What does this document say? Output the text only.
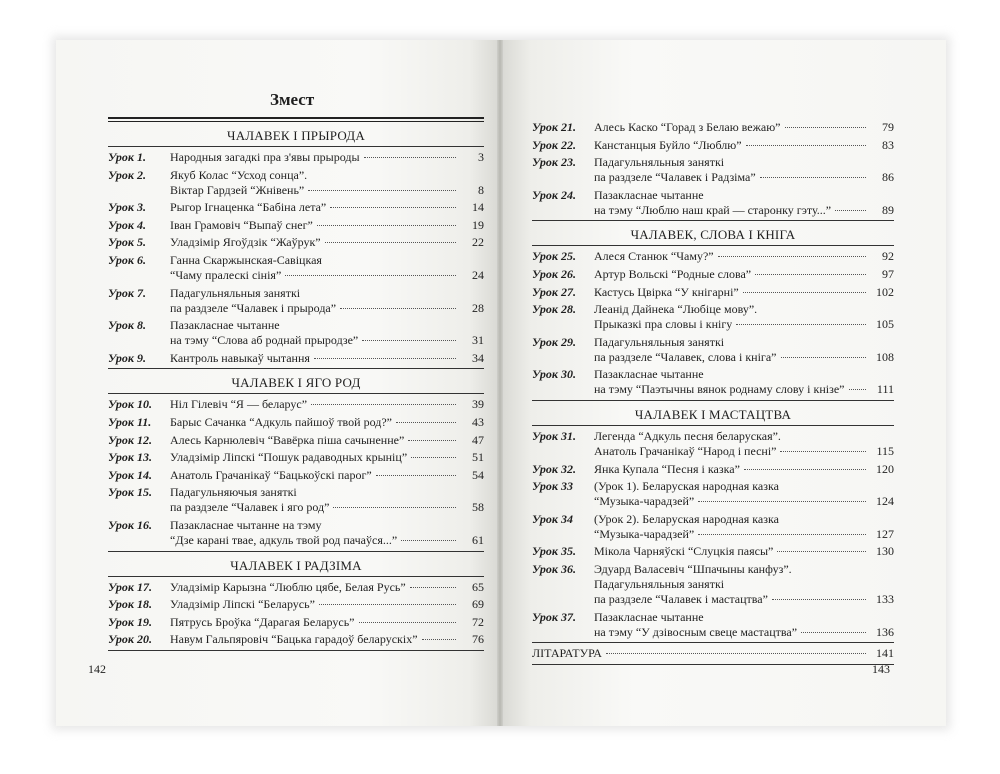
Змест
ЧАЛАВЕК І ПРЫРОДА
Урок 1.	Народныя загадкі пра з'явы прыроды	3
Урок 2.	Якуб Колас “Усход сонца”.
Віктар Гардзей “Жнівень”	8
Урок 3.	Рыгор Ігнаценка “Бабіна лета”	14
Урок 4.	Іван Грамовіч “Выпаў снег”	19
Урок 5.	Уладзімір Ягоўдзік “Жаўрук”	22
Урок 6.	Ганна Скаржынская-Савіцкая
“Чаму пралескі сінія”	24
Урок 7.	Падагульняльныя заняткі
па раздзеле “Чалавек і прырода”	28
Урок 8.	Пазакласнае чытанне
на тэму “Слова аб роднай прыродзе”	31
Урок 9.	Кантроль навыкаў чытання	34
ЧАЛАВЕК І ЯГО РОД
Урок 10.	Ніл Гілевіч “Я — беларус”	39
Урок 11.	Барыс Сачанка “Адкуль пайшоў твой род?”	43
Урок 12.	Алесь Карнюлевіч “Вавёрка піша сачыненне”	47
Урок 13.	Уладзімір Ліпскі “Пошук радаводных крыніц”	51
Урок 14.	Анатоль Грачанікаў “Бацькоўскі парог”	54
Урок 15.	Падагульняючыя заняткі
па раздзеле “Чалавек і яго род”	58
Урок 16.	Пазакласнае чытанне на тэму
“Дзе карані твае, адкуль твой род пачаўся...”	61
ЧАЛАВЕК І РАДЗІМА
Урок 17.	Уладзімір Карызна “Люблю цябе, Белая Русь”	65
Урок 18.	Уладзімір Ліпскі “Беларусь”	69
Урок 19.	Пятрусь Броўка “Дарагая Беларусь”	72
Урок 20.	Навум Гальпяровіч “Бацька гарадоў беларускіх”	76
Урок 21.	Алесь Каско “Горад з Белаю вежаю”	79
Урок 22.	Канстанцыя Буйло “Люблю”	83
Урок 23.	Падагульняльныя заняткі
па раздзеле “Чалавек і Радзіма”	86
Урок 24.	Пазакласнае чытанне
на тэму “Люблю наш край — старонку гэту...”	89
ЧАЛАВЕК, СЛОВА І КНІГА
Урок 25.	Алеся Станюк “Чаму?”	92
Урок 26.	Артур Вольскі “Родные слова”	97
Урок 27.	Кастусь Цвірка “У кнігарні”	102
Урок 28.	Леанід Дайнека “Любіце мову”.
Прыказкі пра словы і кнігу	105
Урок 29.	Падагульняльныя заняткі
па раздзеле “Чалавек, слова і кніга”	108
Урок 30.	Пазакласнае чытанне
на тэму “Паэтычны вянок роднаму слову і кнізе”	111
ЧАЛАВЕК І МАСТАЦТВА
Урок 31.	Легенда “Адкуль песня беларуская”.
Анатоль Грачанікаў “Народ і песні”	115
Урок 32.	Янка Купала “Песня і казка”	120
Урок 33	(Урок 1). Беларуская народная казка
“Музыка-чарадзей”	124
Урок 34	(Урок 2). Беларуская народная казка
“Музыка-чарадзей”	127
Урок 35.	Мікола Чарняўскі “Слуцкія паясы”	130
Урок 36.	Эдуард Валасевіч “Шпачыны канфуз”.
Падагульняльныя заняткі
па раздзеле “Чалавек і мастацтва”	133
Урок 37.	Пазакласнае чытанне
на тэму “У дзівосным свеце мастацтва”	136
ЛІТАРАТУРА	141
142	143
